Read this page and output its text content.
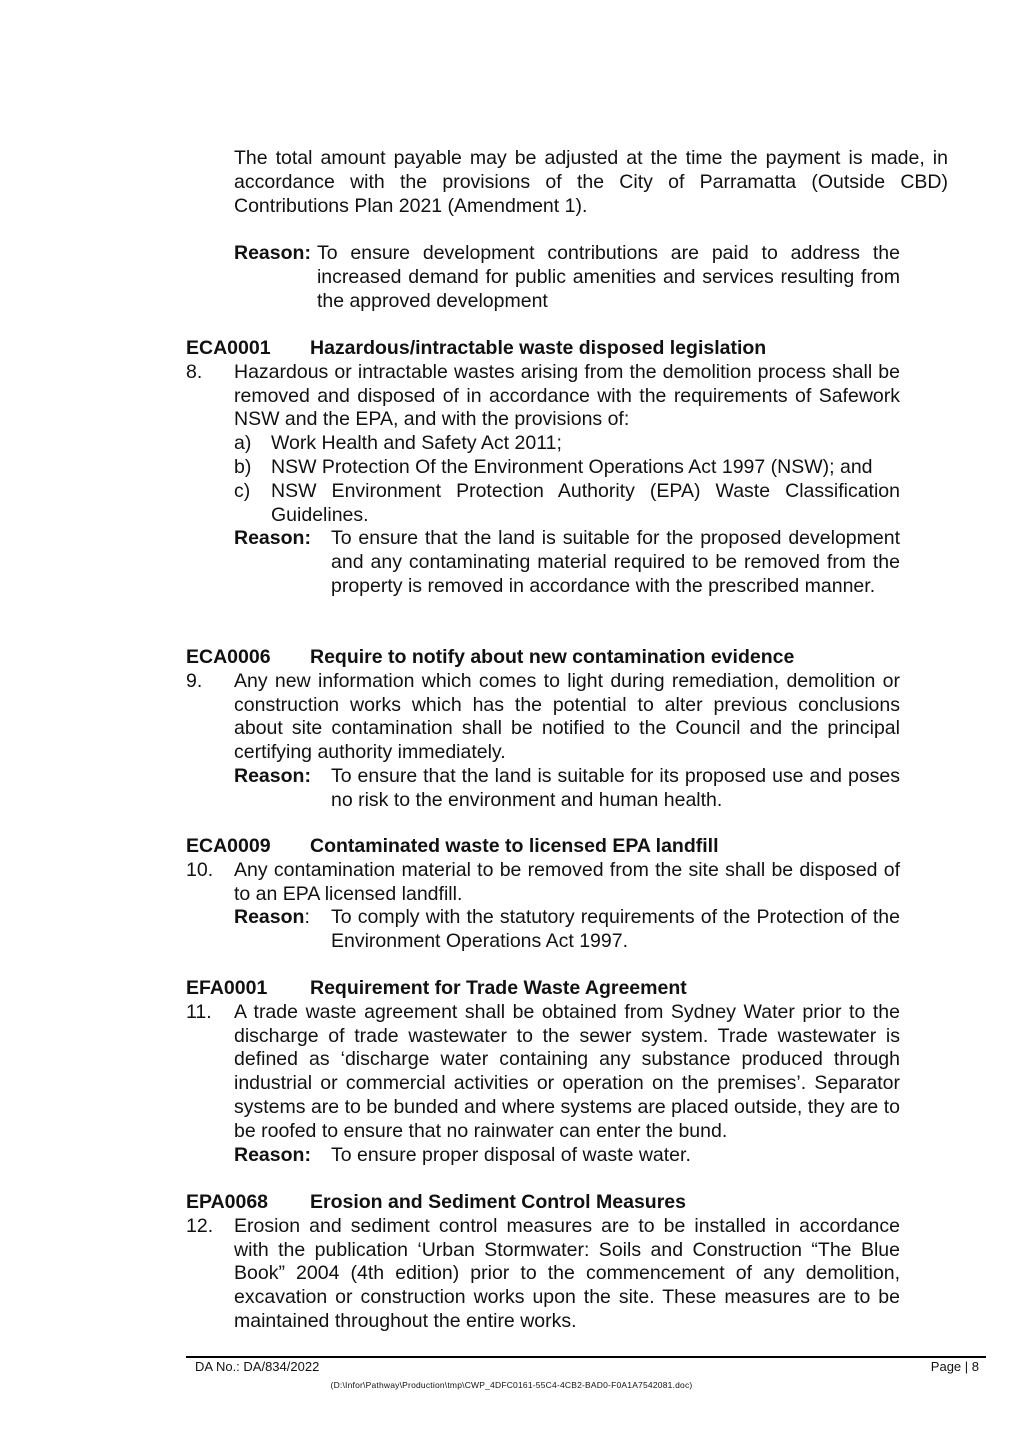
The total amount payable may be adjusted at the time the payment is made, in accordance with the provisions of the City of Parramatta (Outside CBD) Contributions Plan 2021 (Amendment 1).

Reason: To ensure development contributions are paid to address the increased demand for public amenities and services resulting from the approved development
ECA0001	Hazardous/intractable waste disposed legislation
8.	Hazardous or intractable wastes arising from the demolition process shall be removed and disposed of in accordance with the requirements of Safework NSW and the EPA, and with the provisions of:
a)	Work Health and Safety Act 2011;
b)	NSW Protection Of the Environment Operations Act 1997 (NSW); and
c)	NSW Environment Protection Authority (EPA) Waste Classification Guidelines.
Reason:	To ensure that the land is suitable for the proposed development and any contaminating material required to be removed from the property is removed in accordance with the prescribed manner.
ECA0006	Require to notify about new contamination evidence
9.	Any new information which comes to light during remediation, demolition or construction works which has the potential to alter previous conclusions about site contamination shall be notified to the Council and the principal certifying authority immediately.
Reason:	To ensure that the land is suitable for its proposed use and poses no risk to the environment and human health.
ECA0009	Contaminated waste to licensed EPA landfill
10.	Any contamination material to be removed from the site shall be disposed of to an EPA licensed landfill.
Reason:	To comply with the statutory requirements of the Protection of the Environment Operations Act 1997.
EFA0001	Requirement for Trade Waste Agreement
11.	A trade waste agreement shall be obtained from Sydney Water prior to the discharge of trade wastewater to the sewer system. Trade wastewater is defined as ‘discharge water containing any substance produced through industrial or commercial activities or operation on the premises’. Separator systems are to be bunded and where systems are placed outside, they are to be roofed to ensure that no rainwater can enter the bund.
Reason:	To ensure proper disposal of waste water.
EPA0068	Erosion and Sediment Control Measures
12.	Erosion and sediment control measures are to be installed in accordance with the publication ‘Urban Stormwater: Soils and Construction “The Blue Book” 2004 (4th edition) prior to the commencement of any demolition, excavation or construction works upon the site. These measures are to be maintained throughout the entire works.
DA No.: DA/834/2022	Page | 8
(D:\Infor\Pathway\Production\tmp\CWP_4DFC0161-55C4-4CB2-BAD0-F0A1A7542081.doc)
